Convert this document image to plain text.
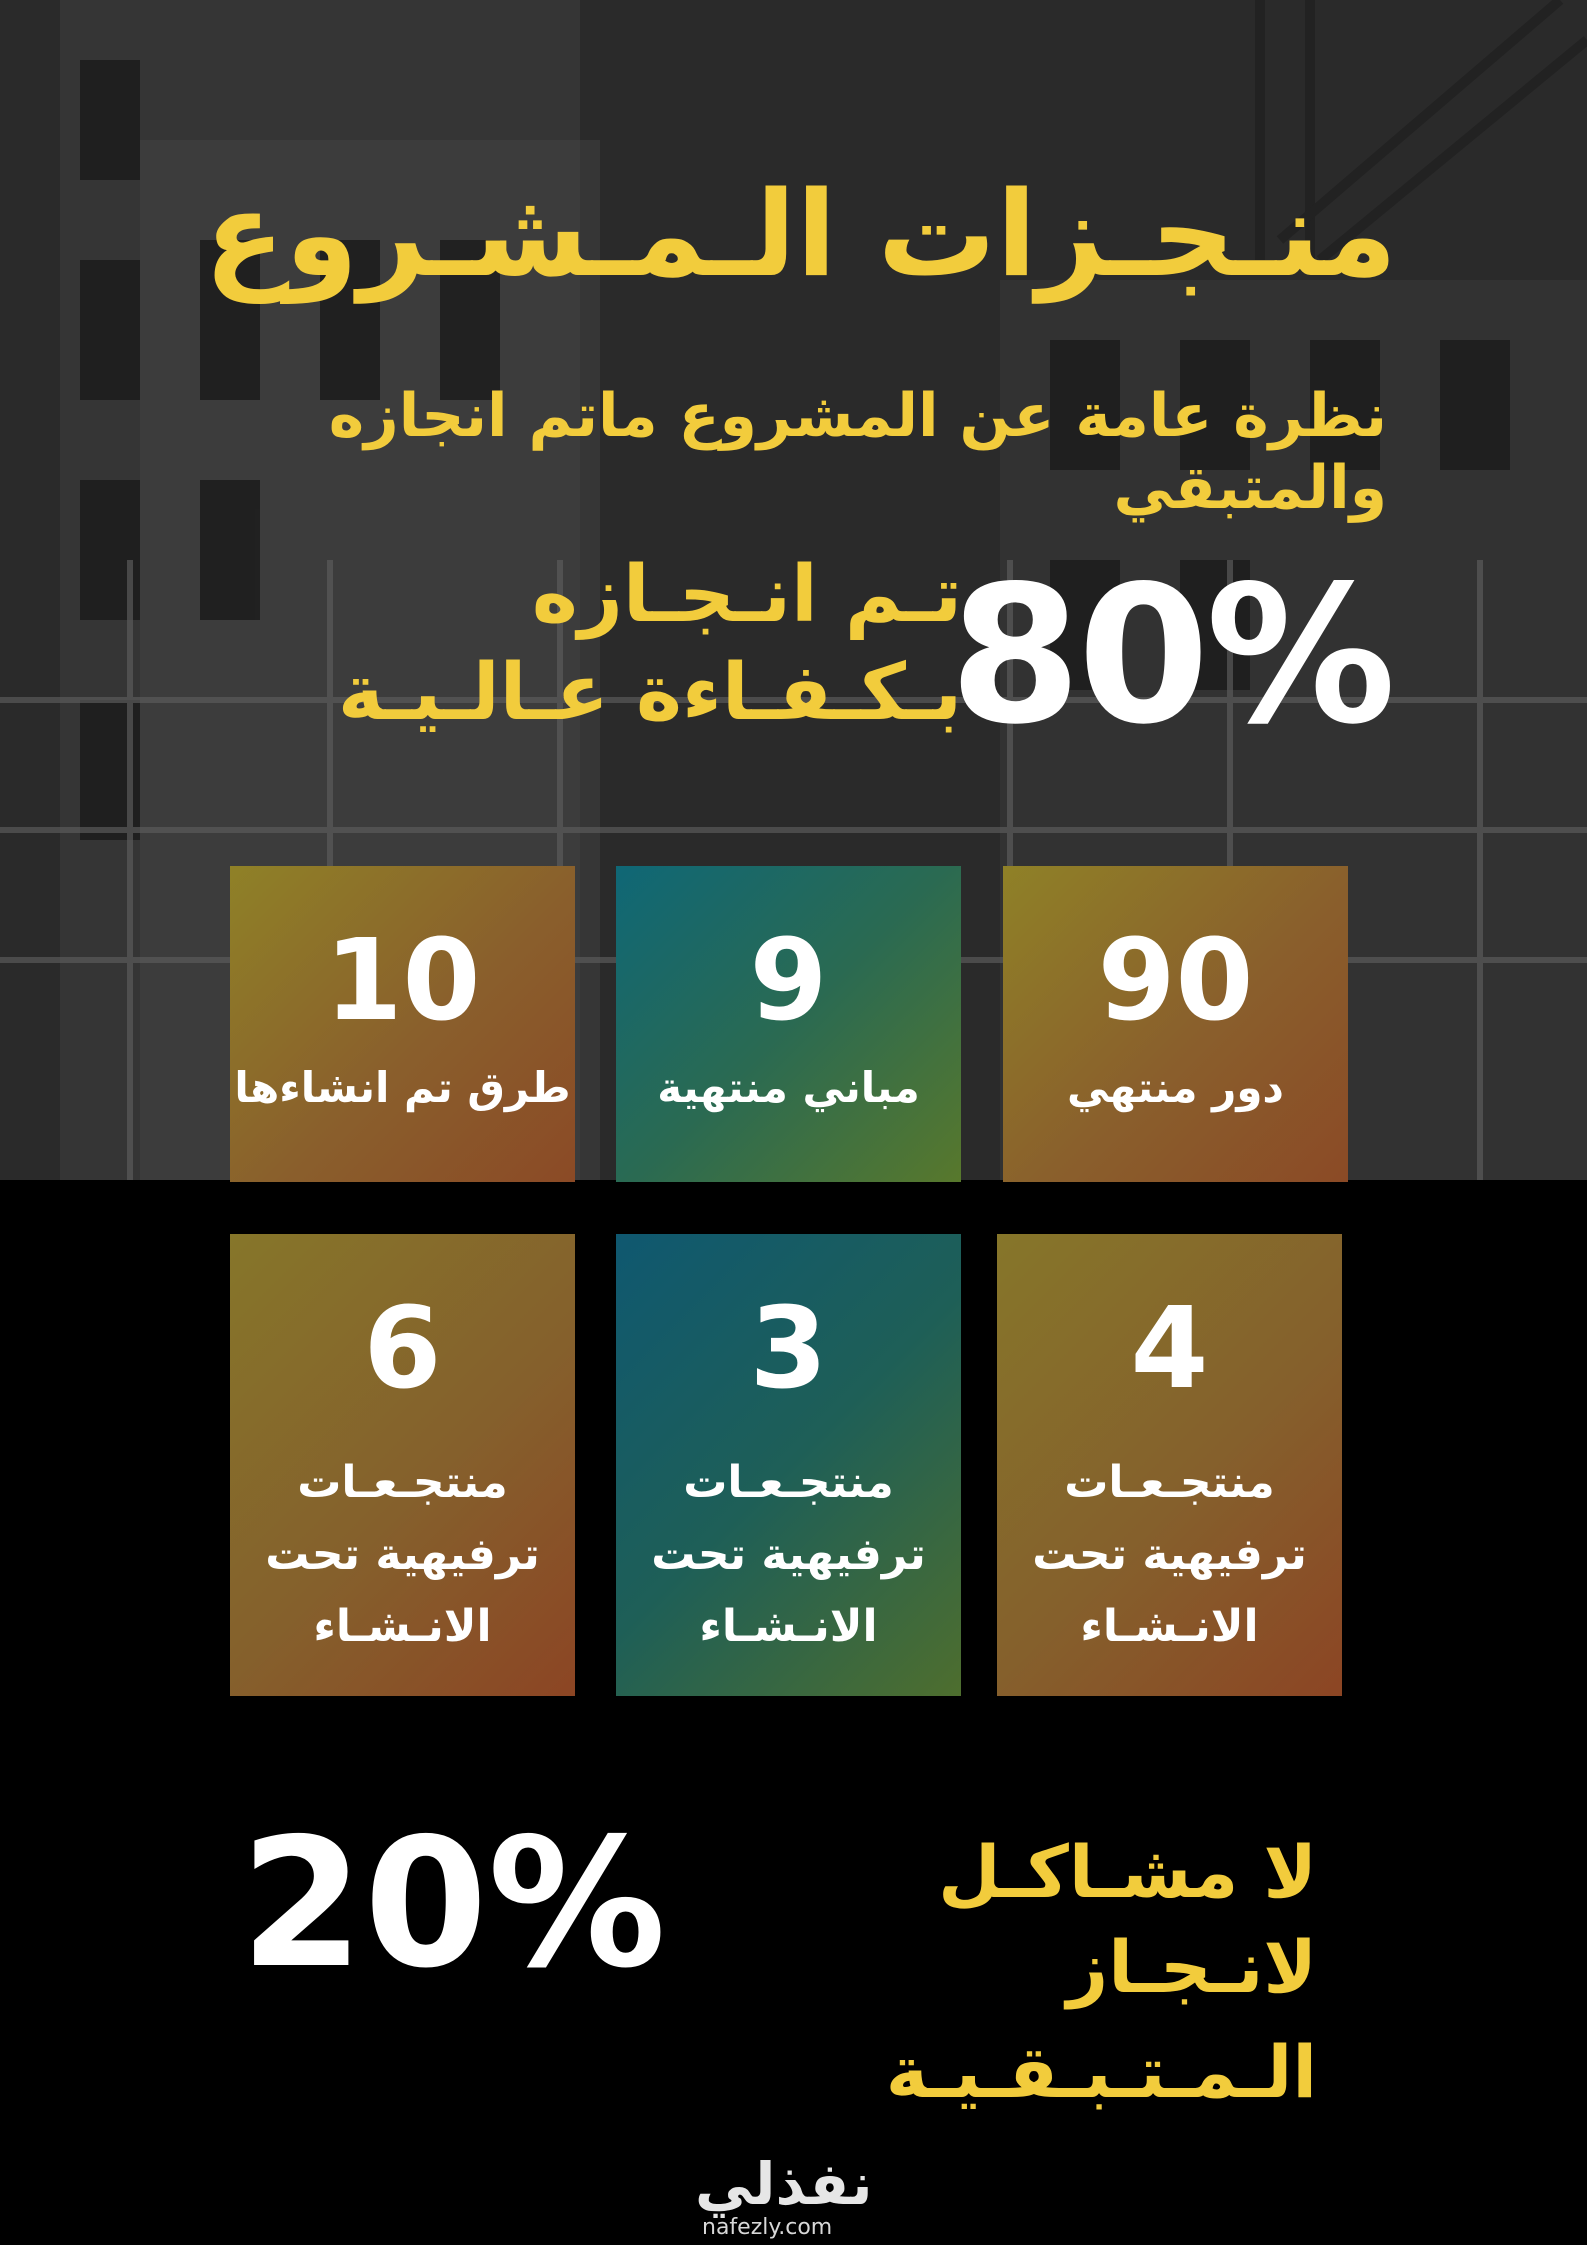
منـجـزات الـمـشـروع
نظرة عامة عن المشروع ماتم انجازه والمتبقي
80%
تـم انـجـازه
بـكـفـاءة عـالـيـة
90
دور منتهي
9
مباني منتهية
10
طرق تم انشاءها
4
منتجـعـات
ترفيهية تحت
الانـشـاء
3
منتجـعـات
ترفيهية تحت
الانـشـاء
6
منتجـعـات
ترفيهية تحت
الانـشـاء
20%	لا مشـاكـل
لانـجـاز
الـمـتـبـقـيـة
نفذلي
nafezly.com
